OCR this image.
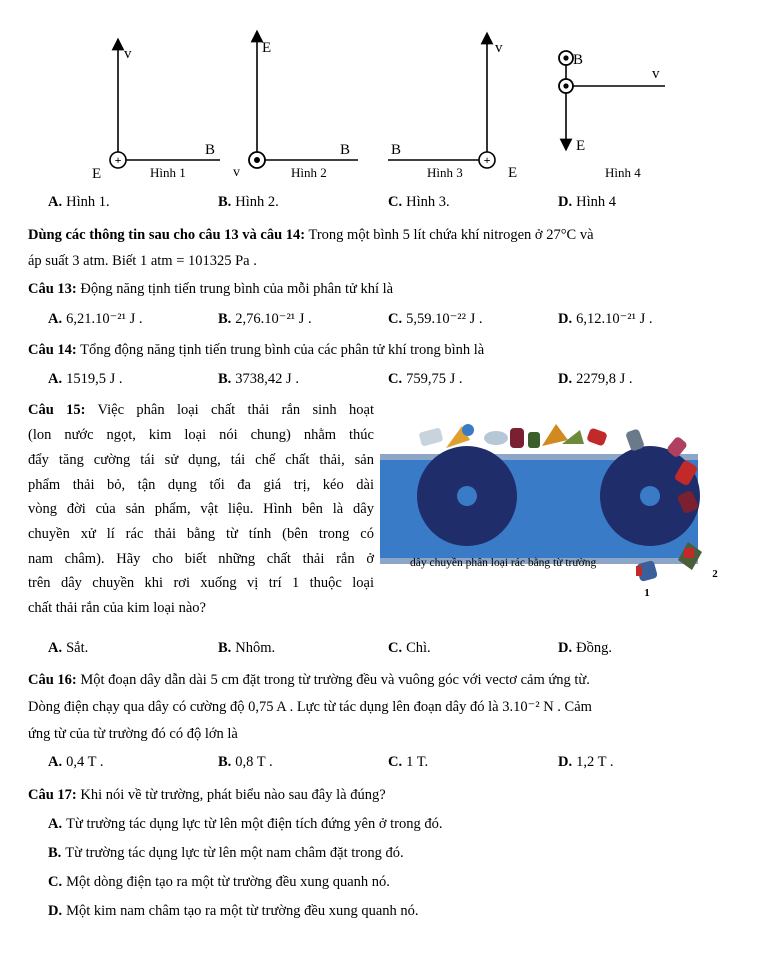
+
v
B
E	Hình 1
E
B
v	Hình 2
+
v
B
E
Hình 3
B
v
E
Hình 4
A. Hình 1.	B. Hình 2.	C. Hình 3.	D. Hình 4
Dùng các thông tin sau cho câu 13 và câu 14: Trong một bình 5 lít chứa khí nitrogen ở 27°C và
áp suất 3 atm. Biết 1 atm = 101325 Pa .
Câu 13: Động năng tịnh tiến trung bình của mỗi phân tử khí là
A. 6,21.10⁻²¹ J .	B. 2,76.10⁻²¹ J .	C. 5,59.10⁻²² J .	D. 6,12.10⁻²¹ J .
Câu 14: Tổng động năng tịnh tiến trung bình của các phân tử khí trong bình là
A. 1519,5 J .	B. 3738,42 J .	C. 759,75 J .	D. 2279,8 J .
Câu 15: Việc phân loại chất thải rắn sinh hoạt
(lon nước ngọt, kim loại nói chung) nhằm thúc
đẩy tăng cường tái sử dụng, tái chế chất thải, sản
phẩm thải bỏ, tận dụng tối đa giá trị, kéo dài
vòng đời của sản phẩm, vật liệu. Hình bên là dây
chuyền xử lí rác thải bằng từ tính (bên trong có
nam châm). Hãy cho biết những chất thải rắn ở
trên dây chuyền khi rơi xuống vị trí 1 thuộc loại
chất thải rắn của kim loại nào?
dây chuyền phân loại rác bằng từ trường
1
2
A. Sắt.	B. Nhôm.	C. Chì.	D. Đồng.
Câu 16: Một đoạn dây dẫn dài 5 cm đặt trong từ trường đều và vuông góc với vectơ cảm ứng từ.
Dòng điện chạy qua dây có cường độ 0,75 A . Lực từ tác dụng lên đoạn dây đó là 3.10⁻² N . Cảm
ứng từ của từ trường đó có độ lớn là
A. 0,4 T .	B. 0,8 T .	C. 1 T.	D. 1,2 T .
Câu 17: Khi nói về từ trường, phát biểu nào sau đây là đúng?
A. Từ trường tác dụng lực từ lên một điện tích đứng yên ở trong đó.
B. Từ trường tác dụng lực từ lên một nam châm đặt trong đó.
C. Một dòng điện tạo ra một từ trường đều xung quanh nó.
D. Một kim nam châm tạo ra một từ trường đều xung quanh nó.
